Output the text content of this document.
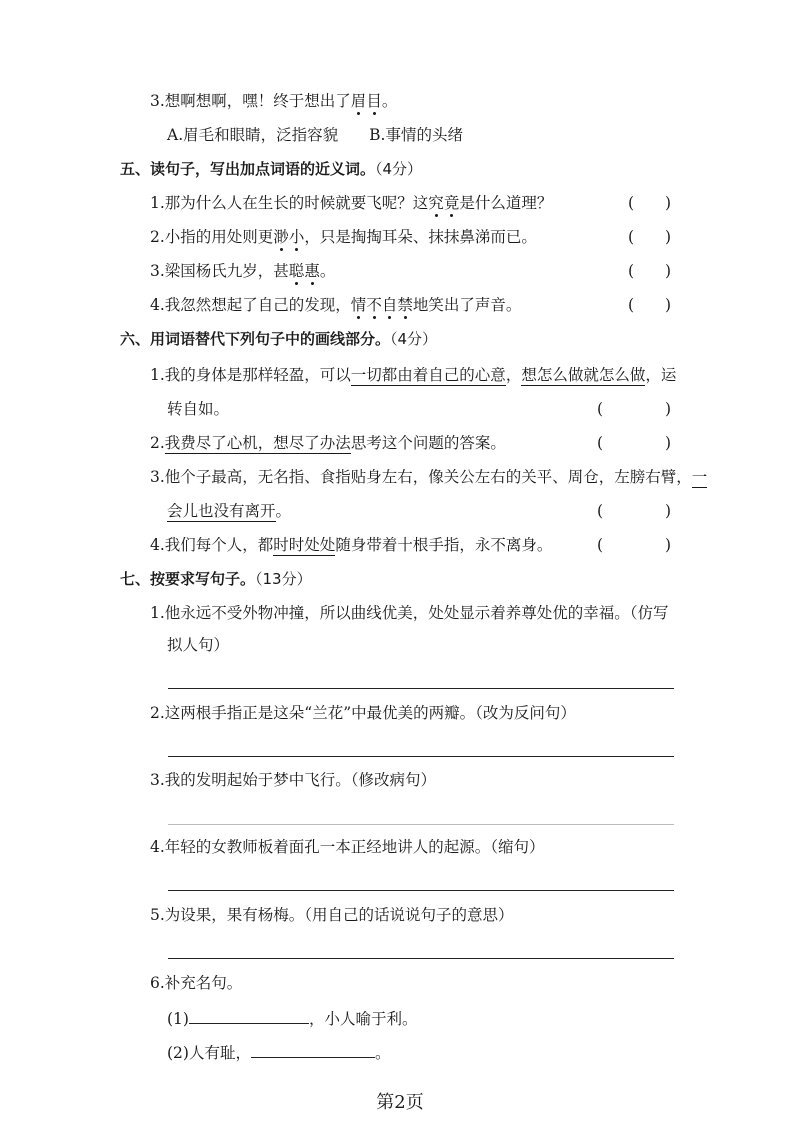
3.想啊想啊，嘿！终于想出了眉目。
A.眉毛和眼睛，泛指容貌　　B.事情的头绪
五、读句子，写出加点词语的近义词。（4分）
1.那为什么人在生长的时候就要飞呢？这究竟是什么道理？	(　　)
2.小指的用处则更渺小，只是掏掏耳朵、抹抹鼻涕而已。	(　　)
3.梁国杨氏九岁，甚聪惠。	(　　)
4.我忽然想起了自己的发现，情不自禁地笑出了声音。	(　　)
六、用词语替代下列句子中的画线部分。（4分）
1.我的身体是那样轻盈，可以一切都由着自己的心意，想怎么做就怎么做，运
转自如。	(　　　　)
2.我费尽了心机，想尽了办法思考这个问题的答案。	(　　　　)
3.他个子最高，无名指、食指贴身左右，像关公左右的关平、周仓，左膀右臂，一
会儿也没有离开。	(　　　　)
4.我们每个人，都时时处处随身带着十根手指，永不离身。	(　　　　)
七、按要求写句子。（13分）
1.他永远不受外物冲撞，所以曲线优美，处处显示着养尊处优的幸福。（仿写
拟人句）
2.这两根手指正是这朵“兰花”中最优美的两瓣。（改为反问句）
3.我的发明起始于梦中飞行。（修改病句）
4.年轻的女教师板着面孔一本正经地讲人的起源。（缩句）
5.为设果，果有杨梅。（用自己的话说说句子的意思）
6.补充名句。
(1)	，小人喻于利。
(2)人有耻，	。
第2页
